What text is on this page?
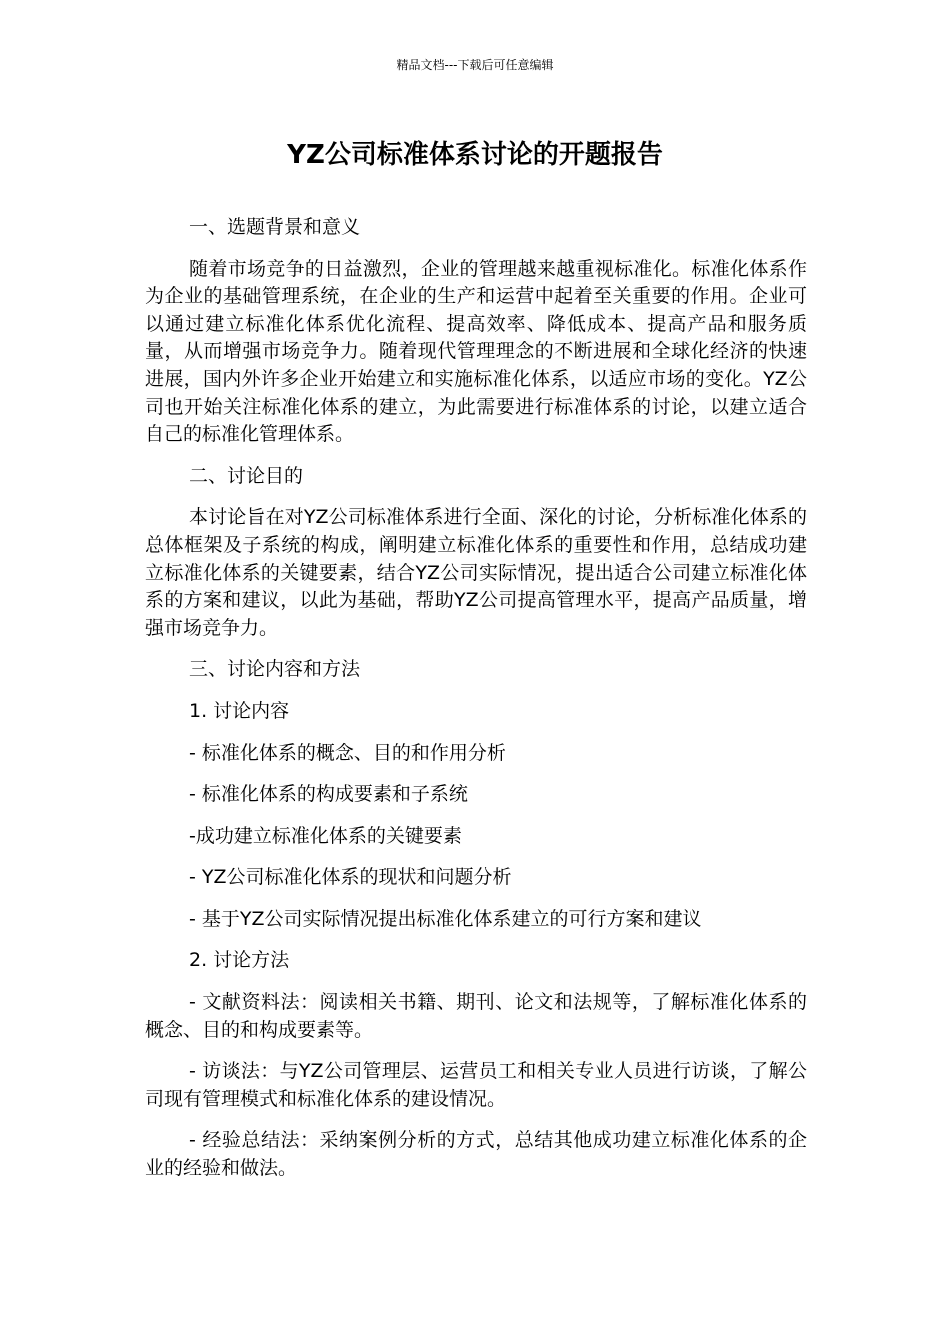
精品文档---下载后可任意编辑
YZ公司标准体系讨论的开题报告

一、选题背景和意义

随着市场竞争的日益激烈，企业的管理越来越重视标准化。标准化体系作为企业的基础管理系统，在企业的生产和运营中起着至关重要的作用。企业可以通过建立标准化体系优化流程、提高效率、降低成本、提高产品和服务质量，从而增强市场竞争力。随着现代管理理念的不断进展和全球化经济的快速进展，国内外许多企业开始建立和实施标准化体系，以适应市场的变化。YZ公司也开始关注标准化体系的建立，为此需要进行标准体系的讨论，以建立适合自己的标准化管理体系。

二、讨论目的

本讨论旨在对YZ公司标准体系进行全面、深化的讨论，分析标准化体系的总体框架及子系统的构成，阐明建立标准化体系的重要性和作用，总结成功建立标准化体系的关键要素，结合YZ公司实际情况，提出适合公司建立标准化体系的方案和建议，以此为基础，帮助YZ公司提高管理水平，提高产品质量，增强市场竞争力。

三、讨论内容和方法

1. 讨论内容

- 标准化体系的概念、目的和作用分析

- 标准化体系的构成要素和子系统

-成功建立标准化体系的关键要素

- YZ公司标准化体系的现状和问题分析

- 基于YZ公司实际情况提出标准化体系建立的可行方案和建议

2. 讨论方法

- 文献资料法：阅读相关书籍、期刊、论文和法规等，了解标准化体系的概念、目的和构成要素等。

- 访谈法：与YZ公司管理层、运营员工和相关专业人员进行访谈，了解公司现有管理模式和标准化体系的建设情况。

- 经验总结法：采纳案例分析的方式，总结其他成功建立标准化体系的企业的经验和做法。
